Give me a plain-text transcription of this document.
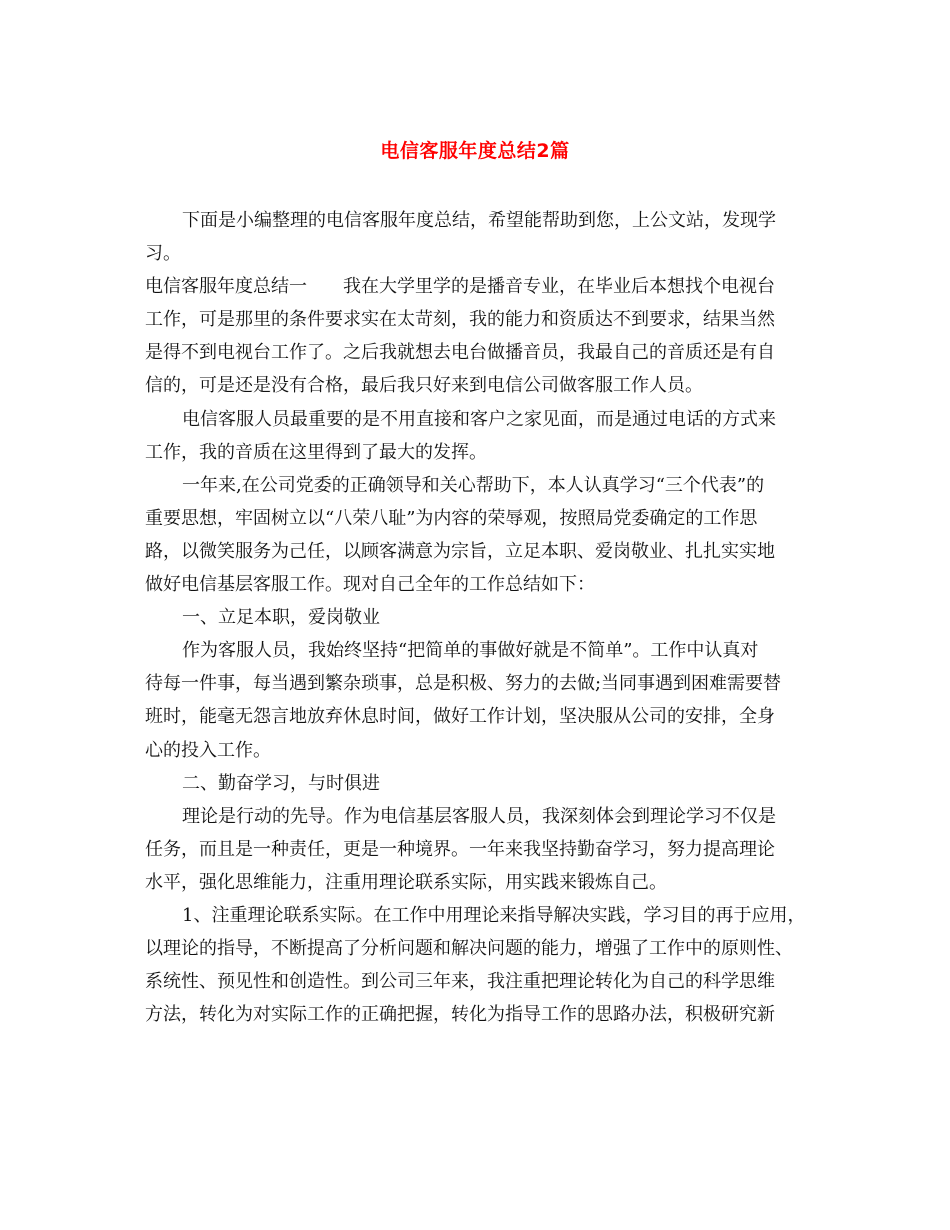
电信客服年度总结2篇
下面是小编整理的电信客服年度总结，希望能帮助到您，上公文站，发现学
习。
电信客服年度总结一 我在大学里学的是播音专业，在毕业后本想找个电视台
工作，可是那里的条件要求实在太苛刻，我的能力和资质达不到要求，结果当然
是得不到电视台工作了。之后我就想去电台做播音员，我最自己的音质还是有自
信的，可是还是没有合格，最后我只好来到电信公司做客服工作人员。
电信客服人员最重要的是不用直接和客户之家见面，而是通过电话的方式来
工作，我的音质在这里得到了最大的发挥。
一年来,在公司党委的正确领导和关心帮助下，本人认真学习“三个代表”的
重要思想，牢固树立以“八荣八耻”为内容的荣辱观，按照局党委确定的工作思
路，以微笑服务为己任，以顾客满意为宗旨，立足本职、爱岗敬业、扎扎实实地
做好电信基层客服工作。现对自己全年的工作总结如下：
一、立足本职，爱岗敬业
作为客服人员，我始终坚持“把简单的事做好就是不简单”。工作中认真对
待每一件事，每当遇到繁杂琐事，总是积极、努力的去做;当同事遇到困难需要替
班时，能毫无怨言地放弃休息时间，做好工作计划，坚决服从公司的安排，全身
心的投入工作。
二、勤奋学习，与时俱进
理论是行动的先导。作为电信基层客服人员，我深刻体会到理论学习不仅是
任务，而且是一种责任，更是一种境界。一年来我坚持勤奋学习，努力提高理论
水平，强化思维能力，注重用理论联系实际，用实践来锻炼自己。
1、注重理论联系实际。在工作中用理论来指导解决实践，学习目的再于应用，
以理论的指导，不断提高了分析问题和解决问题的能力，增强了工作中的原则性、
系统性、预见性和创造性。到公司三年来，我注重把理论转化为自己的科学思维
方法，转化为对实际工作的正确把握，转化为指导工作的思路办法，积极研究新
